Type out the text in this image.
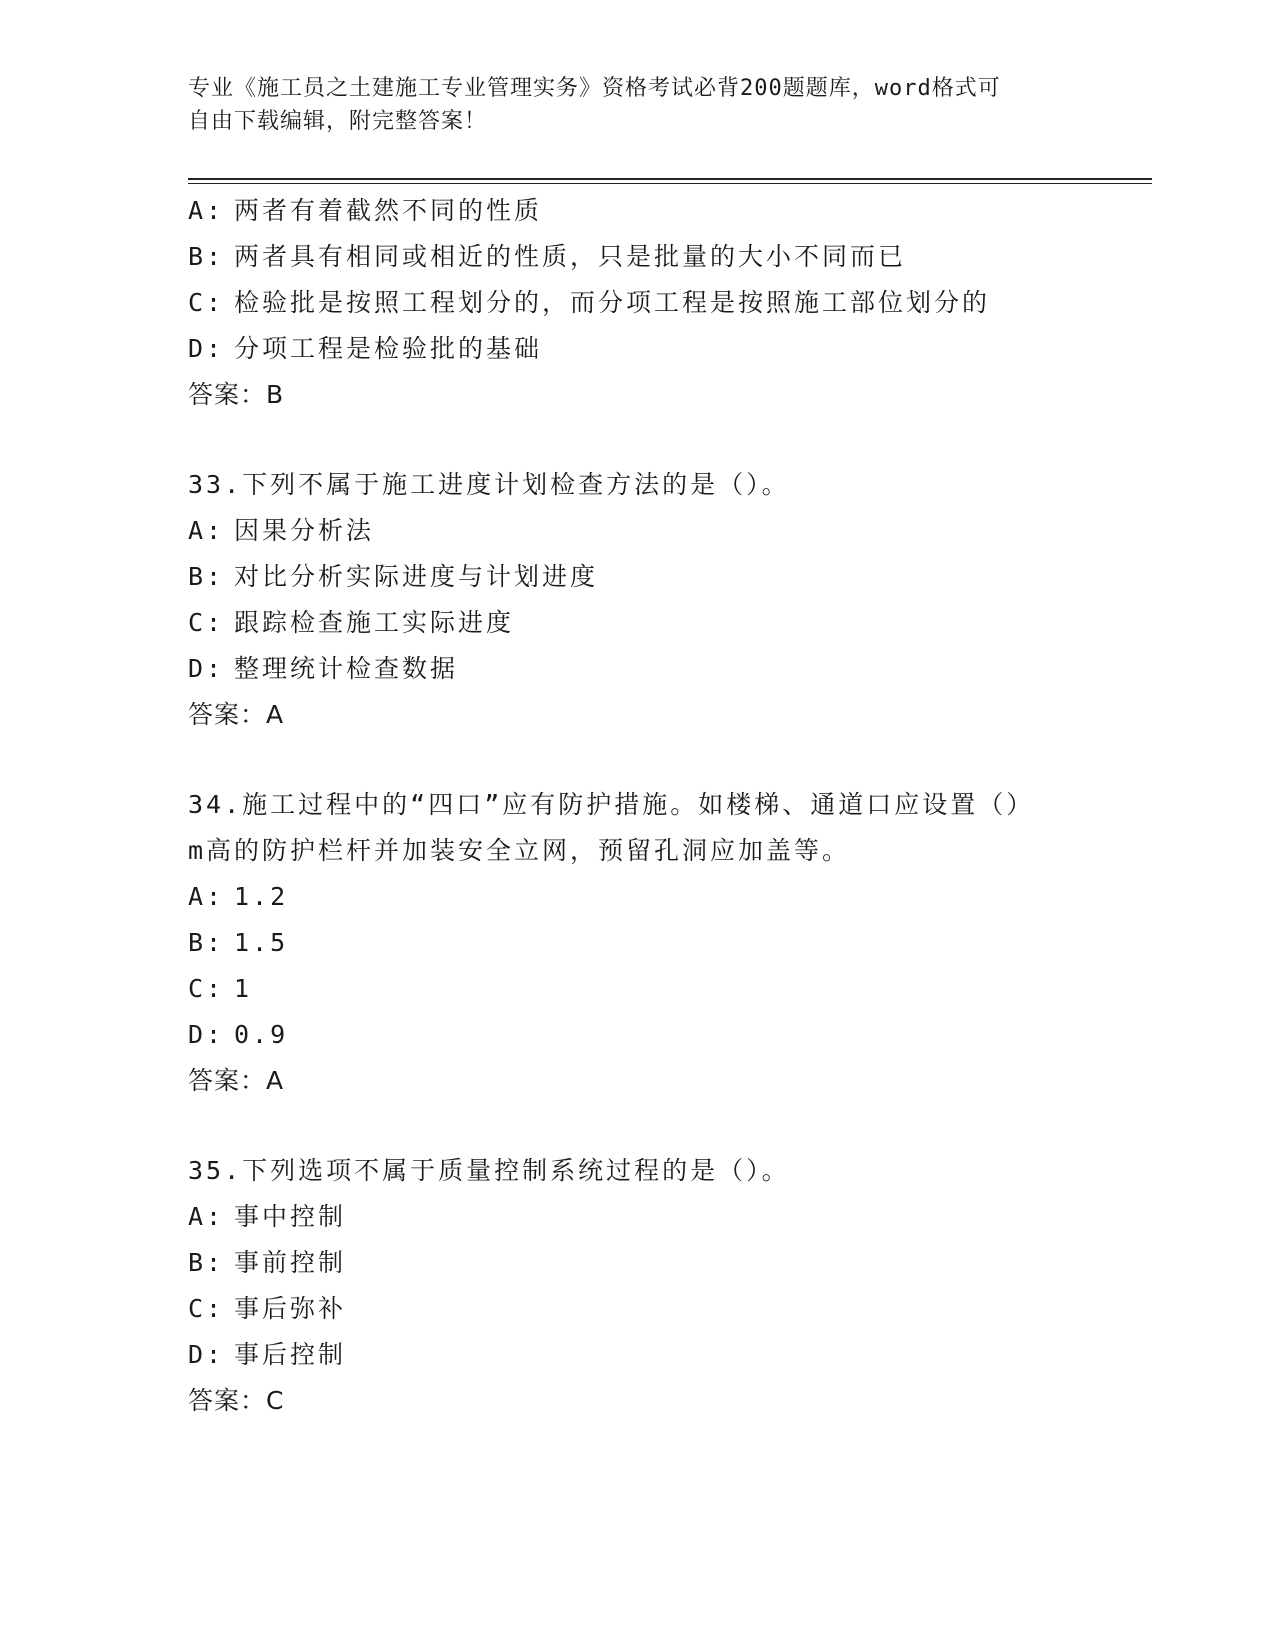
专业《施工员之土建施工专业管理实务》资格考试必背200题题库，word格式可
自由下载编辑，附完整答案！
A: 两者有着截然不同的性质
B: 两者具有相同或相近的性质，只是批量的大小不同而已
C: 检验批是按照工程划分的，而分项工程是按照施工部位划分的
D: 分项工程是检验批的基础
答案：B
33.下列不属于施工进度计划检查方法的是（）。
A: 因果分析法
B: 对比分析实际进度与计划进度
C: 跟踪检查施工实际进度
D: 整理统计检查数据
答案：A
34.施工过程中的“四口”应有防护措施。如楼梯、通道口应设置（）
m高的防护栏杆并加装安全立网，预留孔洞应加盖等。
A: 1.2
B: 1.5
C: 1
D: 0.9
答案：A
35.下列选项不属于质量控制系统过程的是（）。
A: 事中控制
B: 事前控制
C: 事后弥补
D: 事后控制
答案：C
